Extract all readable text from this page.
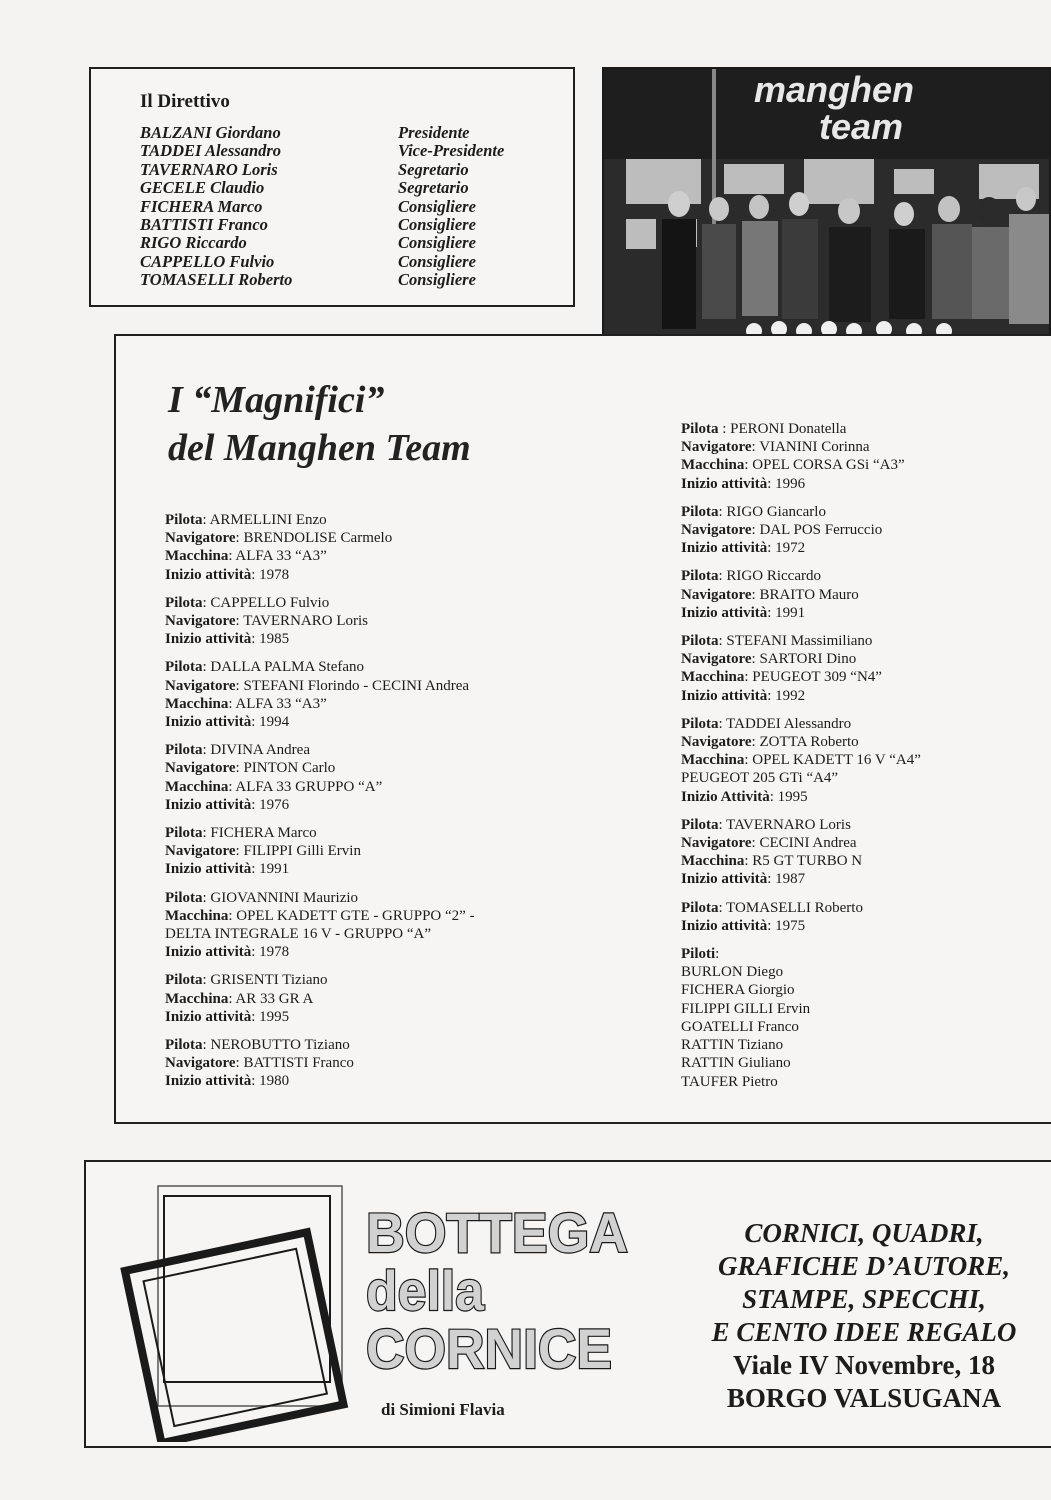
Il Direttivo
BALZANI Giordano
TADDEI Alessandro
TAVERNARO Loris
GECELE Claudio
FICHERA Marco
BATTISTI Franco
RIGO Riccardo
CAPPELLO Fulvio
TOMASELLI Roberto
Presidente
Vice-Presidente
Segretario
Segretario
Consigliere
Consigliere
Consigliere
Consigliere
Consigliere
manghen
team
I “Magnifici”
del Manghen Team
Pilota: ARMELLINI Enzo
Navigatore: BRENDOLISE Carmelo
Macchina: ALFA 33 “A3”
Inizio attività: 1978
Pilota: CAPPELLO Fulvio
Navigatore: TAVERNARO Loris
Inizio attività: 1985
Pilota: DALLA PALMA Stefano
Navigatore: STEFANI Florindo - CECINI Andrea
Macchina: ALFA 33 “A3”
Inizio attività: 1994
Pilota: DIVINA Andrea
Navigatore: PINTON Carlo
Macchina: ALFA 33 GRUPPO “A”
Inizio attività: 1976
Pilota: FICHERA Marco
Navigatore: FILIPPI Gilli Ervin
Inizio attività: 1991
Pilota: GIOVANNINI Maurizio
Macchina: OPEL KADETT GTE - GRUPPO “2” -
DELTA INTEGRALE 16 V - GRUPPO “A”
Inizio attività: 1978
Pilota: GRISENTI Tiziano
Macchina: AR 33 GR A
Inizio attività: 1995
Pilota: NEROBUTTO Tiziano
Navigatore: BATTISTI Franco
Inizio attività: 1980
Pilota : PERONI Donatella
Navigatore: VIANINI Corinna
Macchina: OPEL CORSA GSi “A3”
Inizio attività: 1996
Pilota: RIGO Giancarlo
Navigatore: DAL POS Ferruccio
Inizio attività: 1972
Pilota: RIGO Riccardo
Navigatore: BRAITO Mauro
Inizio attività: 1991
Pilota: STEFANI Massimiliano
Navigatore: SARTORI Dino
Macchina: PEUGEOT 309 “N4”
Inizio attività: 1992
Pilota: TADDEI Alessandro
Navigatore: ZOTTA Roberto
Macchina: OPEL KADETT 16 V “A4”
PEUGEOT 205 GTi “A4”
Inizio Attività: 1995
Pilota: TAVERNARO Loris
Navigatore: CECINI Andrea
Macchina: R5 GT TURBO N
Inizio attività: 1987
Pilota: TOMASELLI Roberto
Inizio attività: 1975
Piloti:
BURLON Diego
FICHERA Giorgio
FILIPPI GILLI Ervin
GOATELLI Franco
RATTIN Tiziano
RATTIN Giuliano
TAUFER Pietro
BOTTEGA
della
CORNICE
di Simioni Flavia
CORNICI, QUADRI,
GRAFICHE D’AUTORE,
STAMPE, SPECCHI,
E CENTO IDEE REGALO
Viale IV Novembre, 18
BORGO VALSUGANA
